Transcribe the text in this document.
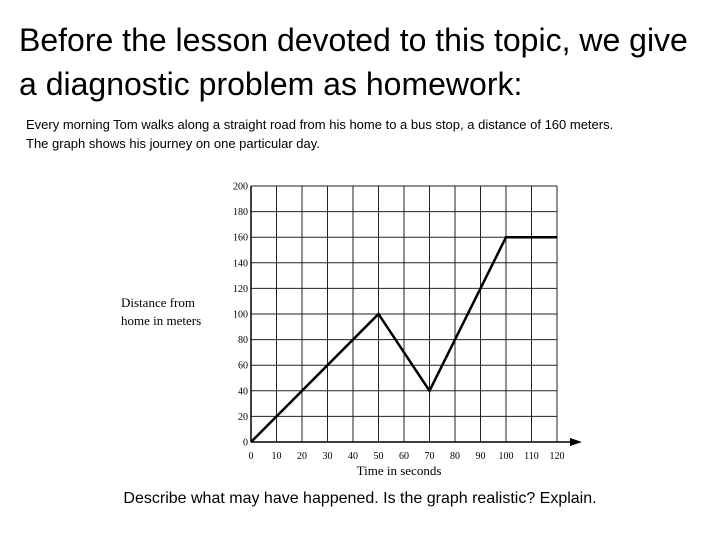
Before the lesson devoted to this topic, we give a diagnostic problem as homework:

Every morning Tom walks along a straight road from his home to a bus stop, a distance of 160 meters.

The graph shows his journey on one particular day.

0 10 20 30 40 50 60 70 80 90 100 110 120
0
20
40
60
80
100
120
140
160
180
200
Time in seconds
Distance from
home in meters
Describe what may have happened. Is the graph realistic? Explain.
